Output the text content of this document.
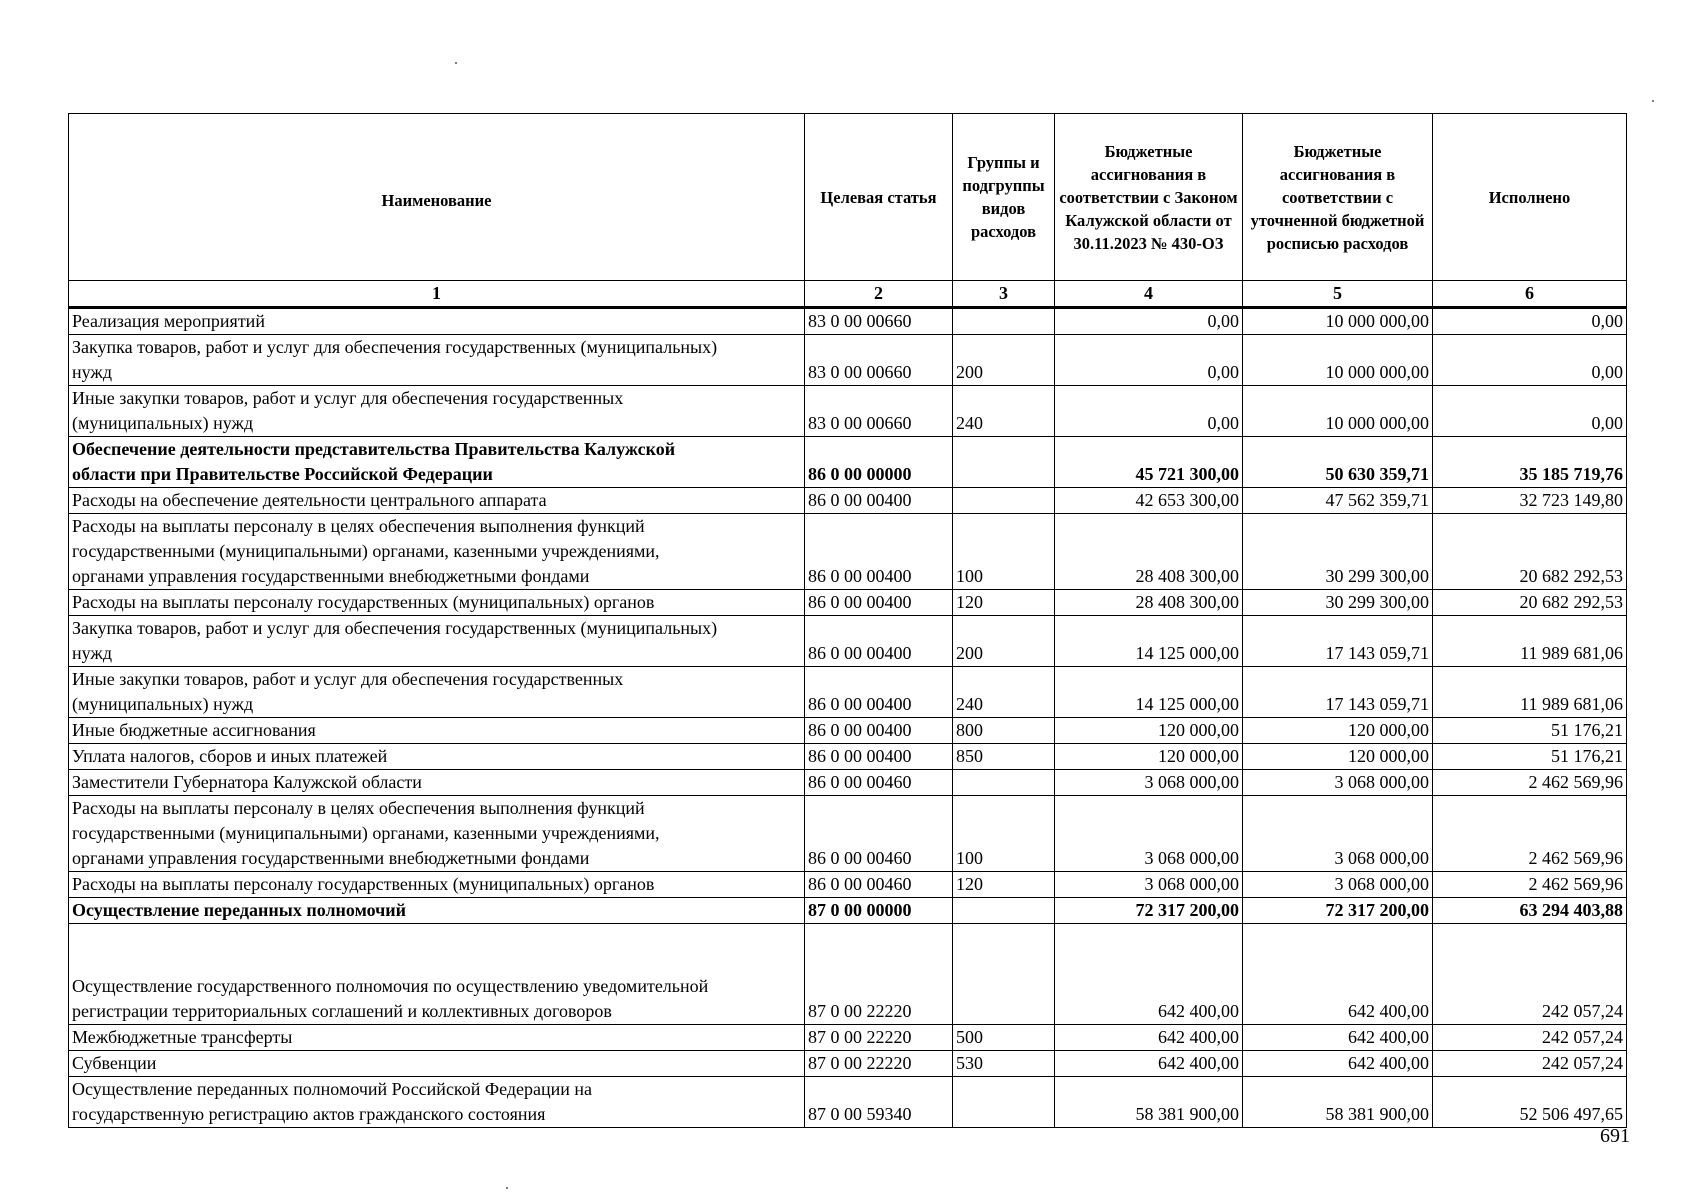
Наименование	Целевая статья	Группы и подгруппы видов расходов	Бюджетные ассигнования в соответствии с Законом Калужской области от 30.11.2023 № 430-ОЗ	Бюджетные ассигнования в соответствии с уточненной бюджетной росписью расходов	Исполнено
1	2	3	4	5	6
Реализация мероприятий	83 0 00 00660		0,00	10 000 000,00	0,00
Закупка товаров, работ и услуг для обеспечения государственных (муниципальных)
нужд	83 0 00 00660	200	0,00	10 000 000,00	0,00
Иные закупки товаров, работ и услуг для обеспечения государственных
(муниципальных) нужд	83 0 00 00660	240	0,00	10 000 000,00	0,00
Обеспечение деятельности представительства Правительства Калужской
области при Правительстве Российской Федерации	86 0 00 00000		45 721 300,00	50 630 359,71	35 185 719,76
Расходы на обеспечение деятельности центрального аппарата	86 0 00 00400		42 653 300,00	47 562 359,71	32 723 149,80
Расходы на выплаты персоналу в целях обеспечения выполнения функций
государственными (муниципальными) органами, казенными учреждениями,
органами управления государственными внебюджетными фондами	86 0 00 00400	100	28 408 300,00	30 299 300,00	20 682 292,53
Расходы на выплаты персоналу государственных (муниципальных) органов	86 0 00 00400	120	28 408 300,00	30 299 300,00	20 682 292,53
Закупка товаров, работ и услуг для обеспечения государственных (муниципальных)
нужд	86 0 00 00400	200	14 125 000,00	17 143 059,71	11 989 681,06
Иные закупки товаров, работ и услуг для обеспечения государственных
(муниципальных) нужд	86 0 00 00400	240	14 125 000,00	17 143 059,71	11 989 681,06
Иные бюджетные ассигнования	86 0 00 00400	800	120 000,00	120 000,00	51 176,21
Уплата налогов, сборов и иных платежей	86 0 00 00400	850	120 000,00	120 000,00	51 176,21
Заместители Губернатора Калужской области	86 0 00 00460		3 068 000,00	3 068 000,00	2 462 569,96
Расходы на выплаты персоналу в целях обеспечения выполнения функций
государственными (муниципальными) органами, казенными учреждениями,
органами управления государственными внебюджетными фондами	86 0 00 00460	100	3 068 000,00	3 068 000,00	2 462 569,96
Расходы на выплаты персоналу государственных (муниципальных) органов	86 0 00 00460	120	3 068 000,00	3 068 000,00	2 462 569,96
Осуществление переданных полномочий	87 0 00 00000		72 317 200,00	72 317 200,00	63 294 403,88
Осуществление государственного полномочия по осуществлению уведомительной
регистрации территориальных соглашений и коллективных договоров	87 0 00 22220		642 400,00	642 400,00	242 057,24
Межбюджетные трансферты	87 0 00 22220	500	642 400,00	642 400,00	242 057,24
Субвенции	87 0 00 22220	530	642 400,00	642 400,00	242 057,24
Осуществление переданных полномочий Российской Федерации на
государственную регистрацию актов гражданского состояния	87 0 00 59340		58 381 900,00	58 381 900,00	52 506 497,65
691
